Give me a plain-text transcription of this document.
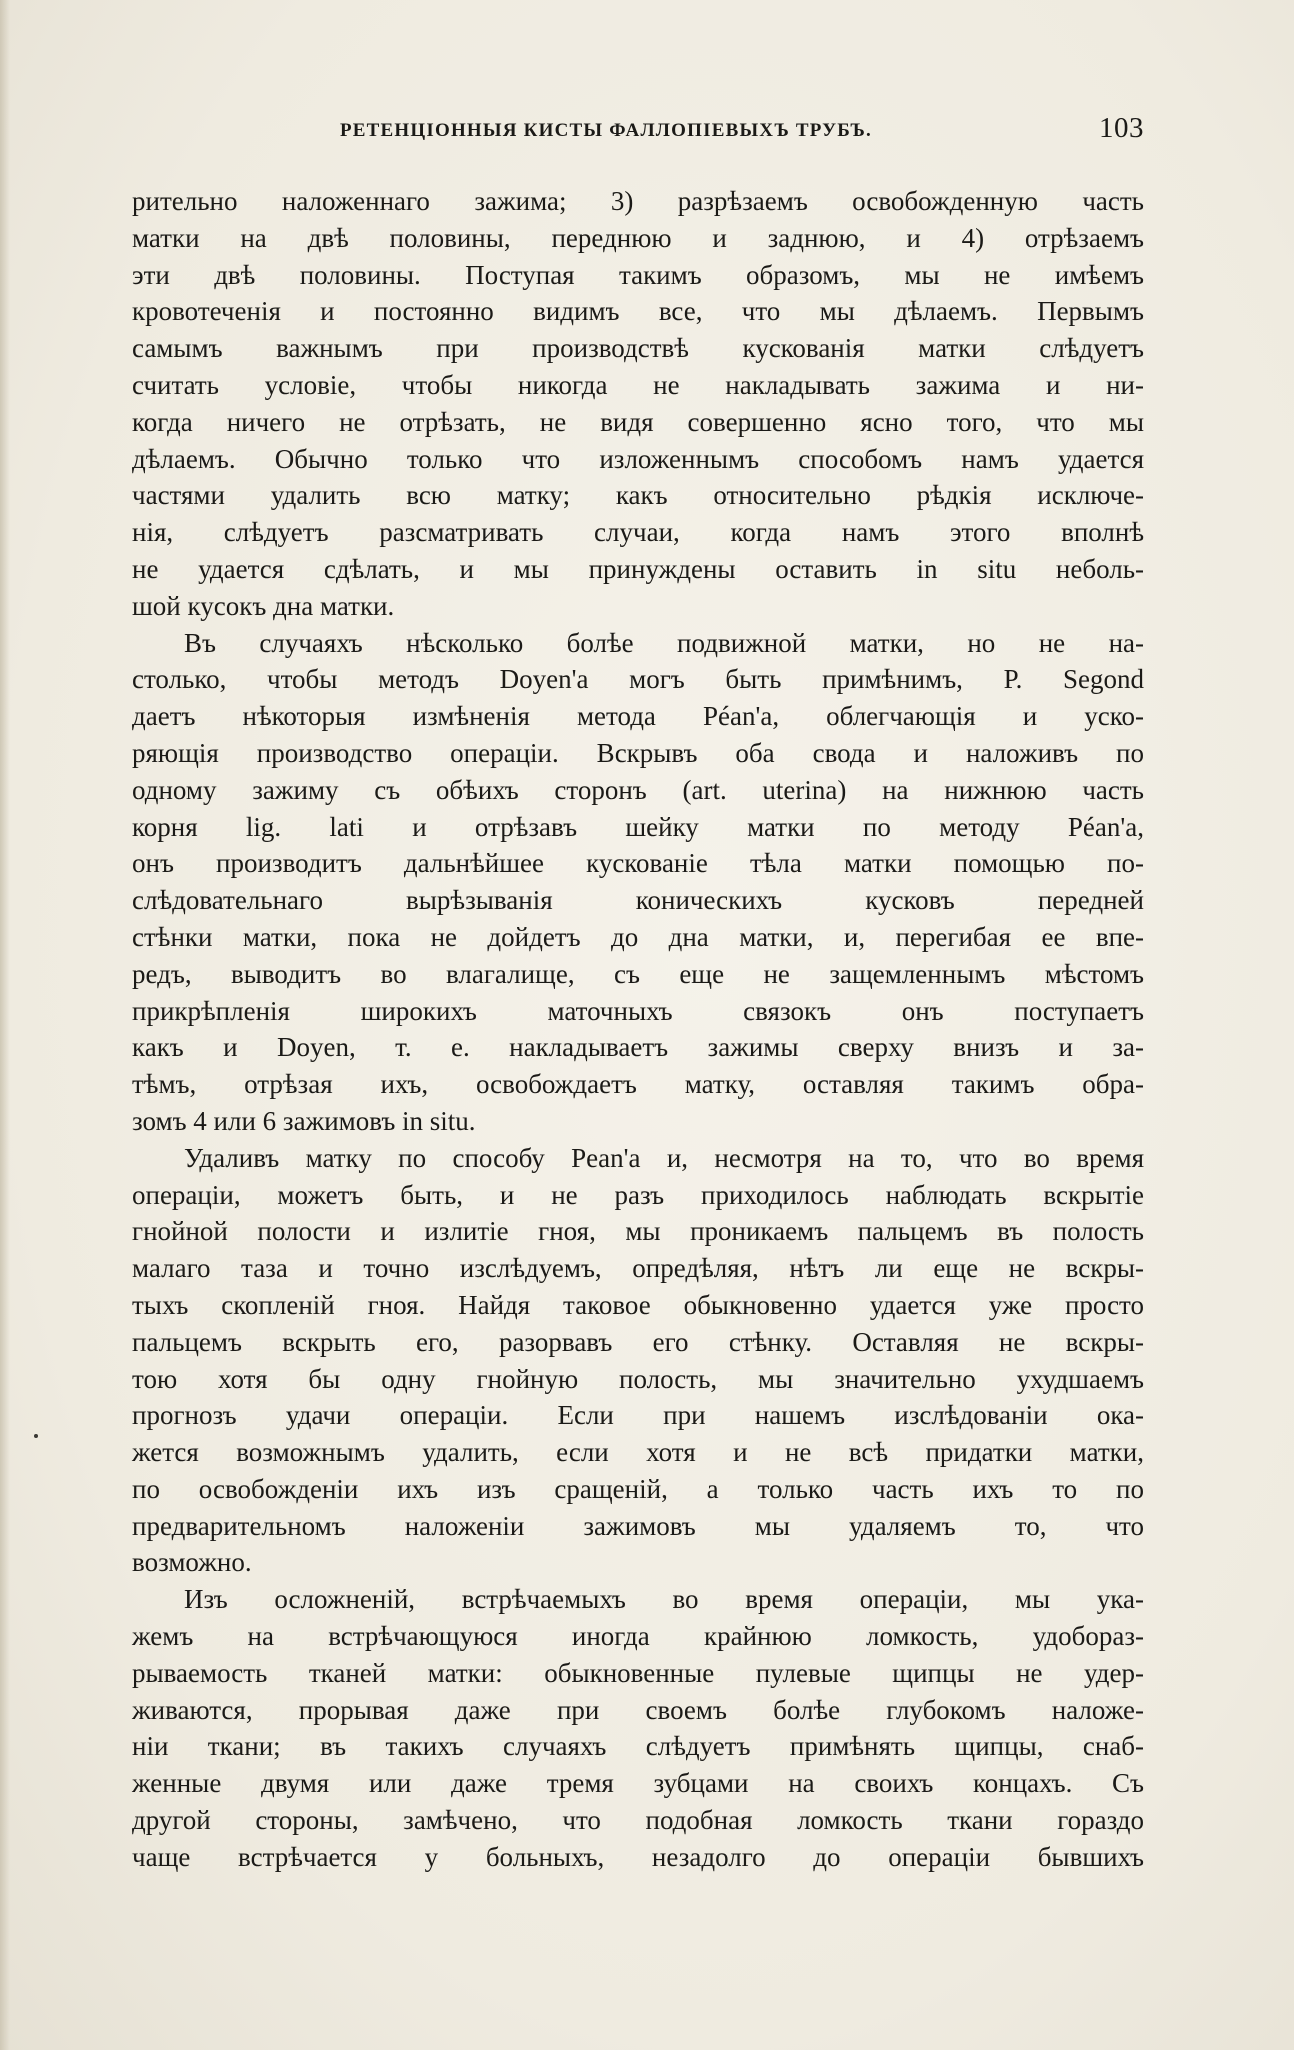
РЕТЕНЦІОННЫЯ КИСТЫ ФАЛЛОПІЕВЫХЪ ТРУБЪ.	103
рительно наложеннаго зажима; 3) разрѣзаемъ освобожденную часть
матки на двѣ половины, переднюю и заднюю, и 4) отрѣзаемъ
эти двѣ половины. Поступая такимъ образомъ, мы не имѣемъ
кровотеченія и постоянно видимъ все, что мы дѣлаемъ. Первымъ
самымъ важнымъ при производствѣ кускованія матки слѣдуетъ
считать условіе, чтобы никогда не накладывать зажима и ни-
когда ничего не отрѣзать, не видя совершенно ясно того, что мы
дѣлаемъ. Обычно только что изложеннымъ способомъ намъ удается
частями удалить всю матку; какъ относительно рѣдкія исключе-
нія, слѣдуетъ разсматривать случаи, когда намъ этого вполнѣ
не удается сдѣлать, и мы принуждены оставить in situ неболь-
шой кусокъ дна матки.
Въ случаяхъ нѣсколько болѣе подвижной матки, но не на-
столько, чтобы методъ Doyen'а могъ быть примѣнимъ, P. Segond
даетъ нѣкоторыя измѣненія метода Péan'а, облегчающія и уско-
ряющія производство операціи. Вскрывъ оба свода и наложивъ по
одному зажиму съ обѣихъ сторонъ (art. uterina) на нижнюю часть
корня lig. lati и отрѣзавъ шейку матки по методу Péan'а,
онъ производитъ дальнѣйшее кускованіе тѣла матки помощью по-
слѣдовательнаго вырѣзыванія коническихъ кусковъ передней
стѣнки матки, пока не дойдетъ до дна матки, и, перегибая ее впе-
редъ, выводитъ во влагалище, съ еще не защемленнымъ мѣстомъ
прикрѣпленія широкихъ маточныхъ связокъ онъ поступаетъ
какъ и Doyen, т. е. накладываетъ зажимы сверху внизъ и за-
тѣмъ, отрѣзая ихъ, освобождаетъ матку, оставляя такимъ обра-
зомъ 4 или 6 зажимовъ in situ.
Удаливъ матку по способу Pean'а и, несмотря на то, что во время
операціи, можетъ быть, и не разъ приходилось наблюдать вскрытіе
гнойной полости и излитіе гноя, мы проникаемъ пальцемъ въ полость
малаго таза и точно изслѣдуемъ, опредѣляя, нѣтъ ли еще не вскры-
тыхъ скопленій гноя. Найдя таковое обыкновенно удается уже просто
пальцемъ вскрыть его, разорвавъ его стѣнку. Оставляя не вскры-
тою хотя бы одну гнойную полость, мы значительно ухудшаемъ
прогнозъ удачи операціи. Если при нашемъ изслѣдованіи ока-
жется возможнымъ удалить, если хотя и не всѣ придатки матки,
по освобожденіи ихъ изъ сращеній, а только часть ихъ то по
предварительномъ наложеніи зажимовъ мы удаляемъ то, что
возможно.
Изъ осложненій, встрѣчаемыхъ во время операціи, мы ука-
жемъ на встрѣчающуюся иногда крайнюю ломкость, удобораз-
рываемость тканей матки: обыкновенные пулевые щипцы не удер-
живаются, прорывая даже при своемъ болѣе глубокомъ наложе-
ніи ткани; въ такихъ случаяхъ слѣдуетъ примѣнять щипцы, снаб-
женные двумя или даже тремя зубцами на своихъ концахъ. Съ
другой стороны, замѣчено, что подобная ломкость ткани гораздо
чаще встрѣчается у больныхъ, незадолго до операціи бывшихъ
